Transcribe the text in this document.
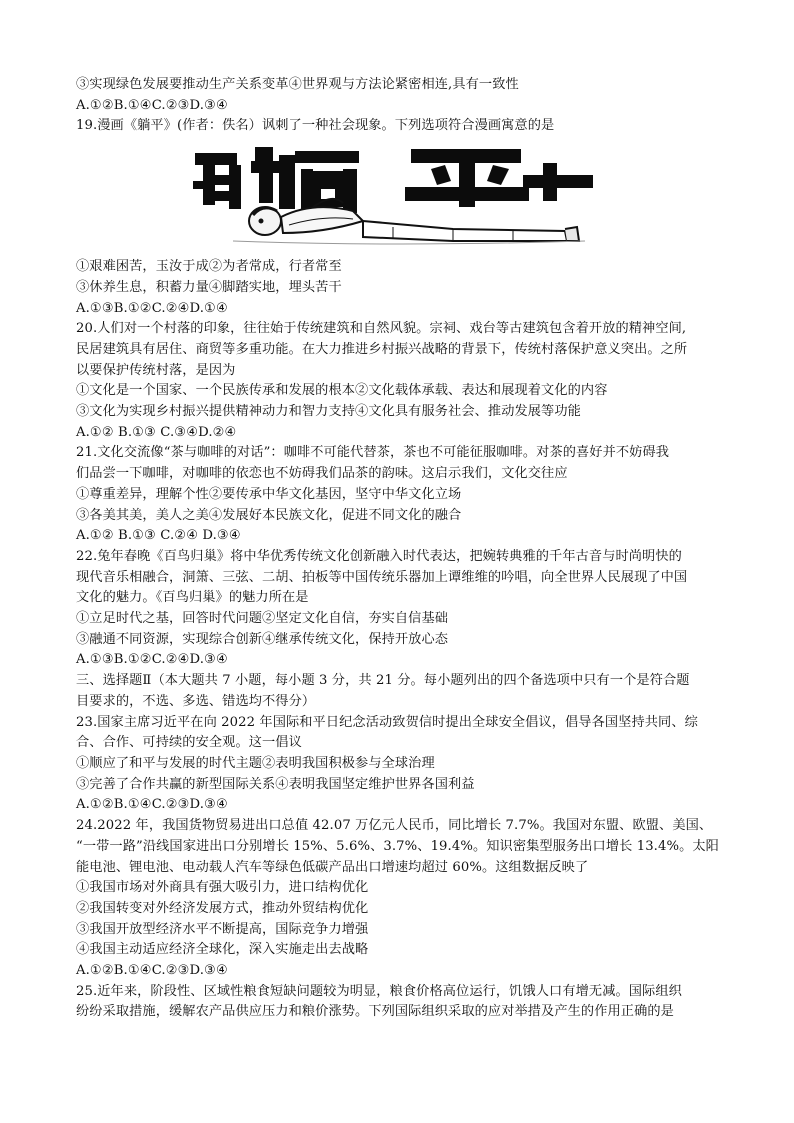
③实现绿色发展要推动生产关系变革④世界观与方法论紧密相连,具有一致性
A.①②B.①④C.②③D.③④
19.漫画《躺平》(作者：佚名）讽刺了一种社会现象。下列选项符合漫画寓意的是
①艰难困苦，玉汝于成②为者常成，行者常至
③休养生息，积蓄力量④脚踏实地，埋头苦干
A.①③B.①②C.②④D.①④
20.人们对一个村落的印象，往往始于传统建筑和自然风貌。宗祠、戏台等古建筑包含着开放的精神空间,
民居建筑具有居住、商贸等多重功能。在大力推进乡村振兴战略的背景下，传统村落保护意义突出。之所
以要保护传统村落，是因为
①文化是一个国家、一个民族传承和发展的根本②文化载体承载、表达和展现着文化的内容
③文化为实现乡村振兴提供精神动力和智力支持④文化具有服务社会、推动发展等功能
A.①② B.①③ C.③④D.②④
21.文化交流像“茶与咖啡的对话”：咖啡不可能代替茶，茶也不可能征服咖啡。对茶的喜好并不妨碍我
们品尝一下咖啡，对咖啡的依恋也不妨碍我们品茶的韵味。这启示我们，文化交往应
①尊重差异，理解个性②要传承中华文化基因，坚守中华文化立场
③各美其美，美人之美④发展好本民族文化，促进不同文化的融合
A.①② B.①③ C.②④ D.③④
22.兔年春晚《百鸟归巢》将中华优秀传统文化创新融入时代表达，把婉转典雅的千年古音与时尚明快的
现代音乐相融合，洞箫、三弦、二胡、拍板等中国传统乐器加上谭维维的吟唱，向全世界人民展现了中国
文化的魅力。《百鸟归巢》的魅力所在是
①立足时代之基，回答时代问题②坚定文化自信，夯实自信基础
③融通不同资源，实现综合创新④继承传统文化，保持开放心态
A.①③B.①②C.②④D.③④
三、选择题Ⅱ（本大题共 7 小题，每小题 3 分，共 21 分。每小题列出的四个备选项中只有一个是符合题
目要求的，不选、多选、错选均不得分）
23.国家主席习近平在向 2022 年国际和平日纪念活动致贺信时提出全球安全倡议，倡导各国坚持共同、综
合、合作、可持续的安全观。这一倡议
①顺应了和平与发展的时代主题②表明我国积极参与全球治理
③完善了合作共赢的新型国际关系④表明我国坚定维护世界各国利益
A.①②B.①④C.②③D.③④
24.2022 年，我国货物贸易进出口总值 42.07 万亿元人民币，同比增长 7.7%。我国对东盟、欧盟、美国、
“一带一路”沿线国家进出口分别增长 15%、5.6%、3.7%、19.4%。知识密集型服务出口增长 13.4%。太阳
能电池、锂电池、电动载人汽车等绿色低碳产品出口增速均超过 60%。这组数据反映了
①我国市场对外商具有强大吸引力，进口结构优化
②我国转变对外经济发展方式，推动外贸结构优化
③我国开放型经济水平不断提高，国际竞争力增强
④我国主动适应经济全球化，深入实施走出去战略
A.①②B.①④C.②③D.③④
25.近年来，阶段性、区域性粮食短缺问题较为明显，粮食价格高位运行，饥饿人口有增无减。国际组织
纷纷采取措施，缓解农产品供应压力和粮价涨势。下列国际组织采取的应对举措及产生的作用正确的是
